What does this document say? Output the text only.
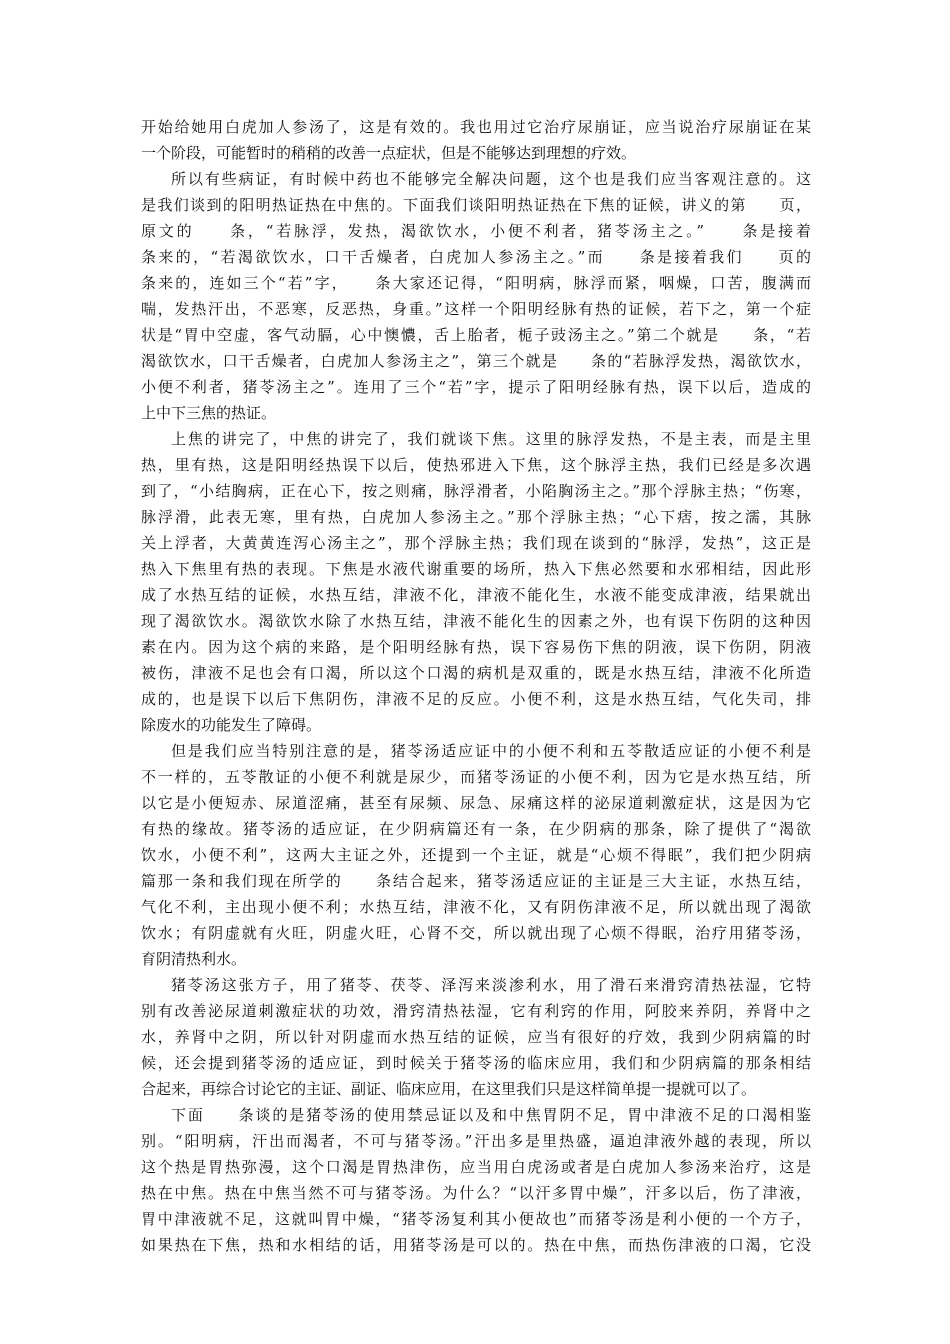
开始给她用白虎加人参汤了，这是有效的。我也用过它治疗尿崩证，应当说治疗尿崩证在某
一个阶段，可能暂时的稍稍的改善一点症状，但是不能够达到理想的疗效。
所以有些病证，有时候中药也不能够完全解决问题，这个也是我们应当客观注意的。这
是我们谈到的阳明热证热在中焦的。下面我们谈阳明热证热在下焦的证候，讲义的第　　页，
原文的　　条，“若脉浮，发热，渴欲饮水，小便不利者，猪苓汤主之。”　　条是接着
条来的，“若渴欲饮水，口干舌燥者，白虎加人参汤主之。”而　　条是接着我们　　页的
条来的，连如三个“若”字，　　条大家还记得，“阳明病，脉浮而紧，咽燥，口苦，腹满而
喘，发热汗出，不恶寒，反恶热，身重。”这样一个阳明经脉有热的证候，若下之，第一个症
状是“胃中空虚，客气动膈，心中懊憹，舌上胎者，栀子豉汤主之。”第二个就是　　条，“若
渴欲饮水，口干舌燥者，白虎加人参汤主之”，第三个就是　　条的“若脉浮发热，渴欲饮水，
小便不利者，猪苓汤主之”。连用了三个“若”字，提示了阳明经脉有热，误下以后，造成的
上中下三焦的热证。
上焦的讲完了，中焦的讲完了，我们就谈下焦。这里的脉浮发热，不是主表，而是主里
热，里有热，这是阳明经热误下以后，使热邪进入下焦，这个脉浮主热，我们已经是多次遇
到了，“小结胸病，正在心下，按之则痛，脉浮滑者，小陷胸汤主之。”那个浮脉主热；“伤寒，
脉浮滑，此表无寒，里有热，白虎加人参汤主之。”那个浮脉主热；“心下痞，按之濡，其脉
关上浮者，大黄黄连泻心汤主之”，那个浮脉主热；我们现在谈到的“脉浮，发热”，这正是
热入下焦里有热的表现。下焦是水液代谢重要的场所，热入下焦必然要和水邪相结，因此形
成了水热互结的证候，水热互结，津液不化，津液不能化生，水液不能变成津液，结果就出
现了渴欲饮水。渴欲饮水除了水热互结，津液不能化生的因素之外，也有误下伤阴的这种因
素在内。因为这个病的来路，是个阳明经脉有热，误下容易伤下焦的阴液，误下伤阴，阴液
被伤，津液不足也会有口渴，所以这个口渴的病机是双重的，既是水热互结，津液不化所造
成的，也是误下以后下焦阴伤，津液不足的反应。小便不利，这是水热互结，气化失司，排
除废水的功能发生了障碍。
但是我们应当特别注意的是，猪苓汤适应证中的小便不利和五苓散适应证的小便不利是
不一样的，五苓散证的小便不利就是尿少，而猪苓汤证的小便不利，因为它是水热互结，所
以它是小便短赤、尿道涩痛，甚至有尿频、尿急、尿痛这样的泌尿道刺激症状，这是因为它
有热的缘故。猪苓汤的适应证，在少阴病篇还有一条，在少阴病的那条，除了提供了“渴欲
饮水，小便不利”，这两大主证之外，还提到一个主证，就是“心烦不得眠”，我们把少阴病
篇那一条和我们现在所学的　　条结合起来，猪苓汤适应证的主证是三大主证，水热互结，
气化不利，主出现小便不利；水热互结，津液不化，又有阴伤津液不足，所以就出现了渴欲
饮水；有阴虚就有火旺，阴虚火旺，心肾不交，所以就出现了心烦不得眠，治疗用猪苓汤，
育阴清热利水。
猪苓汤这张方子，用了猪苓、茯苓、泽泻来淡渗利水，用了滑石来滑窍清热祛湿，它特
别有改善泌尿道刺激症状的功效，滑窍清热祛湿，它有利窍的作用，阿胶来养阴，养肾中之
水，养肾中之阴，所以针对阴虚而水热互结的证候，应当有很好的疗效，我到少阴病篇的时
候，还会提到猪苓汤的适应证，到时候关于猪苓汤的临床应用，我们和少阴病篇的那条相结
合起来，再综合讨论它的主证、副证、临床应用，在这里我们只是这样简单提一提就可以了。
下面　　条谈的是猪苓汤的使用禁忌证以及和中焦胃阴不足，胃中津液不足的口渴相鉴
别。“阳明病，汗出而渴者，不可与猪苓汤。”汗出多是里热盛，逼迫津液外越的表现，所以
这个热是胃热弥漫，这个口渴是胃热津伤，应当用白虎汤或者是白虎加人参汤来治疗，这是
热在中焦。热在中焦当然不可与猪苓汤。为什么？“以汗多胃中燥”，汗多以后，伤了津液，
胃中津液就不足，这就叫胃中燥，“猪苓汤复利其小便故也”而猪苓汤是利小便的一个方子，
如果热在下焦，热和水相结的话，用猪苓汤是可以的。热在中焦，而热伤津液的口渴，它没
